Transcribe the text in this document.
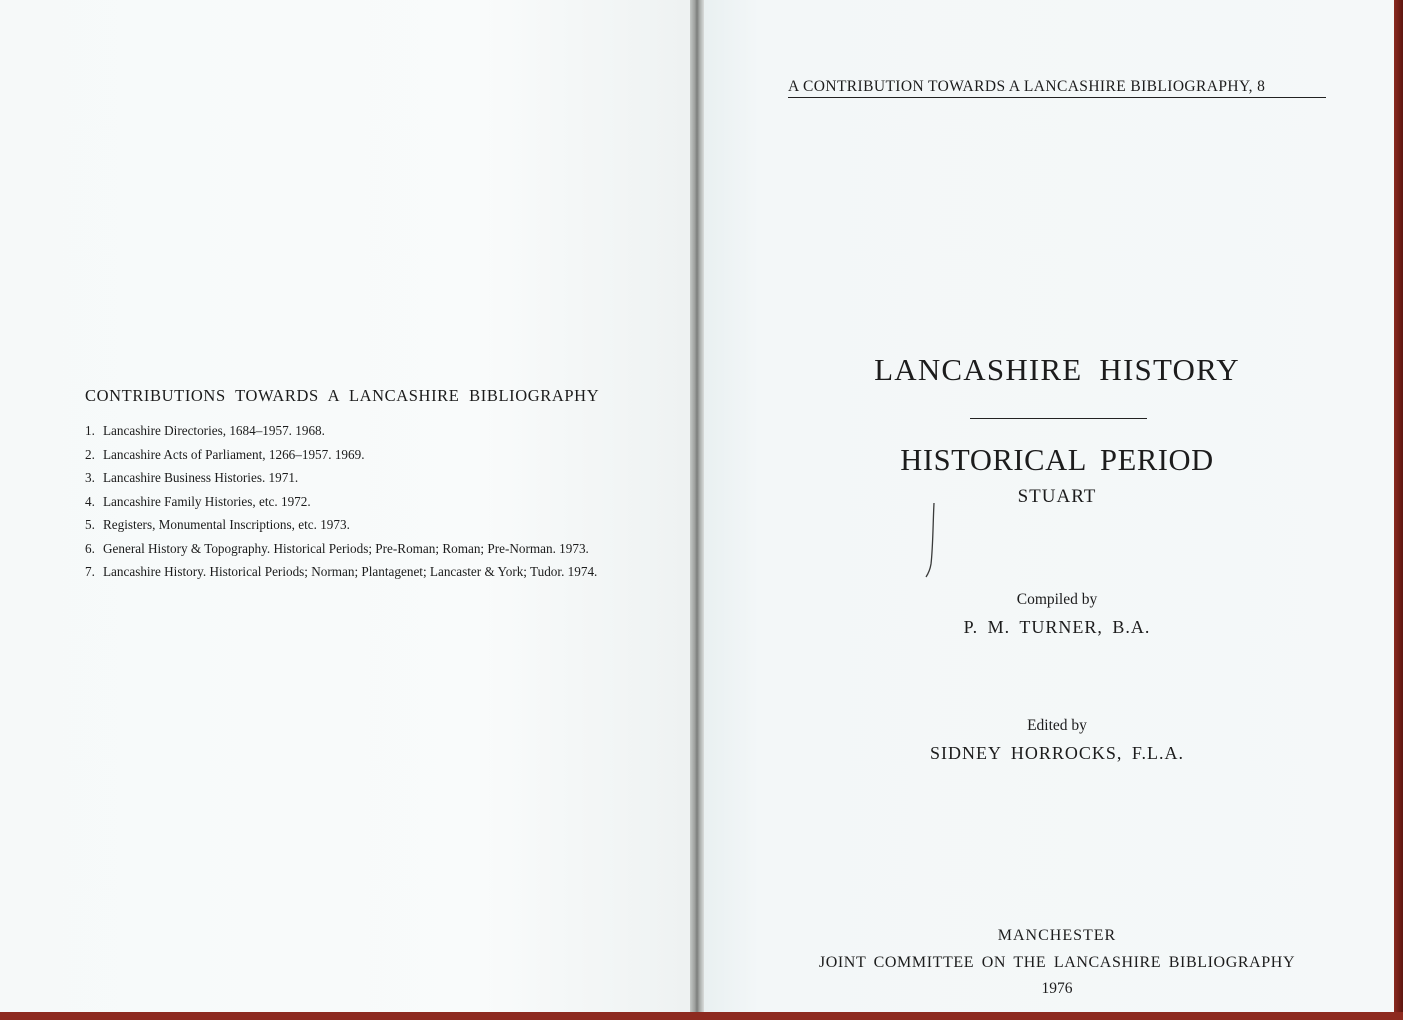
CONTRIBUTIONS TOWARDS A LANCASHIRE BIBLIOGRAPHY
1. Lancashire Directories, 1684–1957. 1968.
2. Lancashire Acts of Parliament, 1266–1957. 1969.
3. Lancashire Business Histories. 1971.
4. Lancashire Family Histories, etc. 1972.
5. Registers, Monumental Inscriptions, etc. 1973.
6. General History & Topography. Historical Periods; Pre-Roman; Roman; Pre-Norman. 1973.
7. Lancashire History. Historical Periods; Norman; Plantagenet; Lancaster & York; Tudor. 1974.
A CONTRIBUTION TOWARDS A LANCASHIRE BIBLIOGRAPHY, 8
LANCASHIRE HISTORY
HISTORICAL PERIOD
STUART
Compiled by
P. M. TURNER, B.A.
Edited by
SIDNEY HORROCKS, F.L.A.
MANCHESTER
JOINT COMMITTEE ON THE LANCASHIRE BIBLIOGRAPHY
1976
